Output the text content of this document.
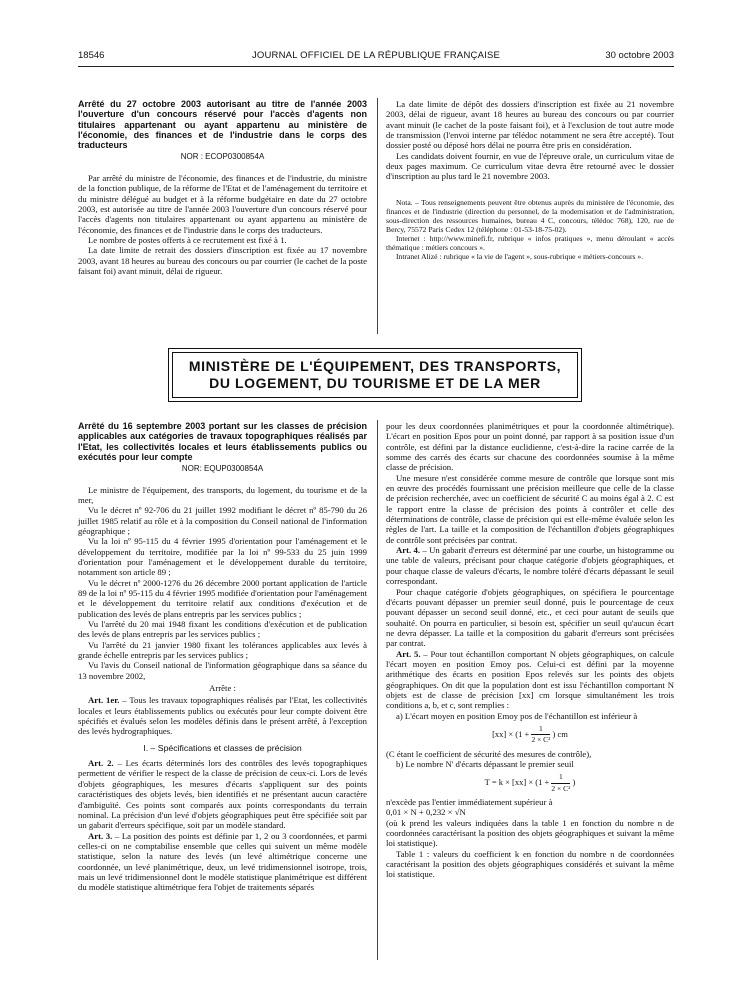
18546	JOURNAL OFFICIEL DE LA RÉPUBLIQUE FRANÇAISE	30 octobre 2003

Arrêté du 27 octobre 2003 autorisant au titre de l'année 2003 l'ouverture d'un concours réservé pour l'accès d'agents non titulaires appartenant ou ayant appartenu au ministère de l'économie, des finances et de l'industrie dans le corps des traducteurs

NOR : ECOP0300854A

Par arrêté du ministre de l'économie, des finances et de l'industrie, du ministre de la fonction publique, de la réforme de l'Etat et de l'aménagement du territoire et du ministre délégué au budget et à la réforme budgétaire en date du 27 octobre 2003, est autorisée au titre de l'année 2003 l'ouverture d'un concours réservé pour l'accès d'agents non titulaires appartenant ou ayant appartenu au ministère de l'économie, des finances et de l'industrie dans le corps des traducteurs.

Le nombre de postes offerts à ce recrutement est fixé à 1.

La date limite de retrait des dossiers d'inscription est fixée au 17 novembre 2003, avant 18 heures au bureau des concours ou par courrier (le cachet de la poste faisant foi) avant minuit, délai de rigueur.

La date limite de dépôt des dossiers d'inscription est fixée au 21 novembre 2003, délai de rigueur, avant 18 heures au bureau des concours ou par courrier avant minuit (le cachet de la poste faisant foi), et à l'exclusion de tout autre mode de transmission (l'envoi interne par télédoc notamment ne sera être accepté). Tout dossier posté ou déposé hors délai ne pourra être pris en considération.

Les candidats doivent fournir, en vue de l'épreuve orale, un curriculum vitae de deux pages maximum. Ce curriculum vitae devra être retourné avec le dossier d'inscription au plus tard le 21 novembre 2003.

Nota. – Tous renseignements peuvent être obtenus auprès du ministère de l'économie, des finances et de l'industrie (direction du personnel, de la modernisation et de l'administration, sous-direction des ressources humaines, bureau 4 C, concours, télédoc 768), 120, rue de Bercy, 75572 Paris Cedex 12 (téléphone : 01-53-18-75-02).

Internet : http://www.minefi.fr, rubrique « infos pratiques », menu déroulant « accès thématique : métiers concours ».

Intranet Alizé : rubrique « la vie de l'agent », sous-rubrique « métiers-concours ».

MINISTÈRE DE L'ÉQUIPEMENT, DES TRANSPORTS,
DU LOGEMENT, DU TOURISME ET DE LA MER

Arrêté du 16 septembre 2003 portant sur les classes de précision applicables aux catégories de travaux topographiques réalisés par l'Etat, les collectivités locales et leurs établissements publics ou exécutés pour leur compte

NOR: EQUP0300854A

Le ministre de l'équipement, des transports, du logement, du tourisme et de la mer,

Vu le décret nº 92-706 du 21 juillet 1992 modifiant le décret nº 85-790 du 26 juillet 1985 relatif au rôle et à la composition du Conseil national de l'information géographique ;

Vu la loi nº 95-115 du 4 février 1995 d'orientation pour l'aménagement et le développement du territoire, modifiée par la loi nº 99-533 du 25 juin 1999 d'orientation pour l'aménagement et le développement durable du territoire, notamment son article 89 ;

Vu le décret nº 2000-1276 du 26 décembre 2000 portant application de l'article 89 de la loi nº 95-115 du 4 février 1995 modifiée d'orientation pour l'aménagement et le développement du territoire relatif aux conditions d'exécution et de publication des levés de plans entrepris par les services publics ;

Vu l'arrêté du 20 mai 1948 fixant les conditions d'exécution et de publication des levés de plans entrepris par les services publics ;

Vu l'arrêté du 21 janvier 1980 fixant les tolérances applicables aux levés à grande échelle entrepris par les services publics ;

Vu l'avis du Conseil national de l'information géographique dans sa séance du 13 novembre 2002,

Arrête :

Art. 1er. – Tous les travaux topographiques réalisés par l'Etat, les collectivités locales et leurs établissements publics ou exécutés pour leur compte doivent être spécifiés et évalués selon les modèles définis dans le présent arrêté, à l'exception des levés hydrographiques.

I. – Spécifications et classes de précision

Art. 2. – Les écarts déterminés lors des contrôles des levés topographiques permettent de vérifier le respect de la classe de précision de ceux-ci. Lors de levés d'objets géographiques, les mesures d'écarts s'appliquent sur des points caractéristiques des objets levés, bien identifiés et ne présentant aucun caractère d'ambiguïté. Ces points sont comparés aux points correspondants du terrain nominal. La précision d'un levé d'objets géographiques peut être spécifiée soit par un gabarit d'erreurs spécifique, soit par un modèle standard.

Art. 3. – La position des points est définie par 1, 2 ou 3 coordonnées, et parmi celles-ci on ne comptabilise ensemble que celles qui suivent un même modèle statistique, selon la nature des levés (un levé altimétrique concerne une coordonnée, un levé planimétrique, deux, un levé tridimensionnel isotrope, trois, mais un levé tridimensionnel dont le modèle statistique planimétrique est différent du modèle statistique altimétrique fera l'objet de traitements séparés

pour les deux coordonnées planimétriques et pour la coordonnée altimétrique). L'écart en position Epos pour un point donné, par rapport à sa position issue d'un contrôle, est défini par la distance euclidienne, c'est-à-dire la racine carrée de la somme des carrés des écarts sur chacune des coordonnées soumise à la même classe de précision.

Une mesure n'est considérée comme mesure de contrôle que lorsque sont mis en œuvre des procédés fournissant une précision meilleure que celle de la classe de précision recherchée, avec un coefficient de sécurité C au moins égal à 2. C est le rapport entre la classe de précision des points à contrôler et celle des déterminations de contrôle, classe de précision qui est elle-même évaluée selon les règles de l'art. La taille et la composition de l'échantillon d'objets géographiques de contrôle sont précisées par contrat.

Art. 4. – Un gabarit d'erreurs est déterminé par une courbe, un histogramme ou une table de valeurs, précisant pour chaque catégorie d'objets géographiques, et pour chaque classe de valeurs d'écarts, le nombre toléré d'écarts dépassant le seuil correspondant.

Pour chaque catégorie d'objets géographiques, on spécifiera le pourcentage d'écarts pouvant dépasser un premier seuil donné, puis le pourcentage de ceux pouvant dépasser un second seuil donné, etc., et ceci pour autant de seuils que souhaité. On pourra en particulier, si besoin est, spécifier un seuil qu'aucun écart ne devra dépasser. La taille et la composition du gabarit d'erreurs sont précisées par contrat.

Art. 5. – Pour tout échantillon comportant N objets géographiques, on calcule l'écart moyen en position Emoy pos. Celui-ci est défini par la moyenne arithmétique des écarts en position Epos relevés sur les points des objets géographiques. On dit que la population dont est issu l'échantillon comportant N objets est de classe de précision [xx] cm lorsque simultanément les trois conditions a, b, et c, sont remplies :

a) L'écart moyen en position Emoy pos de l'échantillon est inférieur à

$[xx] \times (1 + \frac{1}{\text{2 × C²}}$ ) cm

(C étant le coefficient de sécurité des mesures de contrôle),

b) Le nombre N' d'écarts dépassant le premier seuil

$T = k \times [xx] \times (1 + \frac{1}{\text{2 × C²}}$ )

n'excède pas l'entier immédiatement supérieur à

0,01 × N + 0,232 × √N

(où k prend les valeurs indiquées dans la table 1 en fonction du nombre n de coordonnées caractérisant la position des objets géographiques et suivant la même loi statistique).

Table 1 : valeurs du coefficient k en fonction du nombre n de coordonnées caractérisant la position des objets géographiques considérés et suivant la même loi statistique.
